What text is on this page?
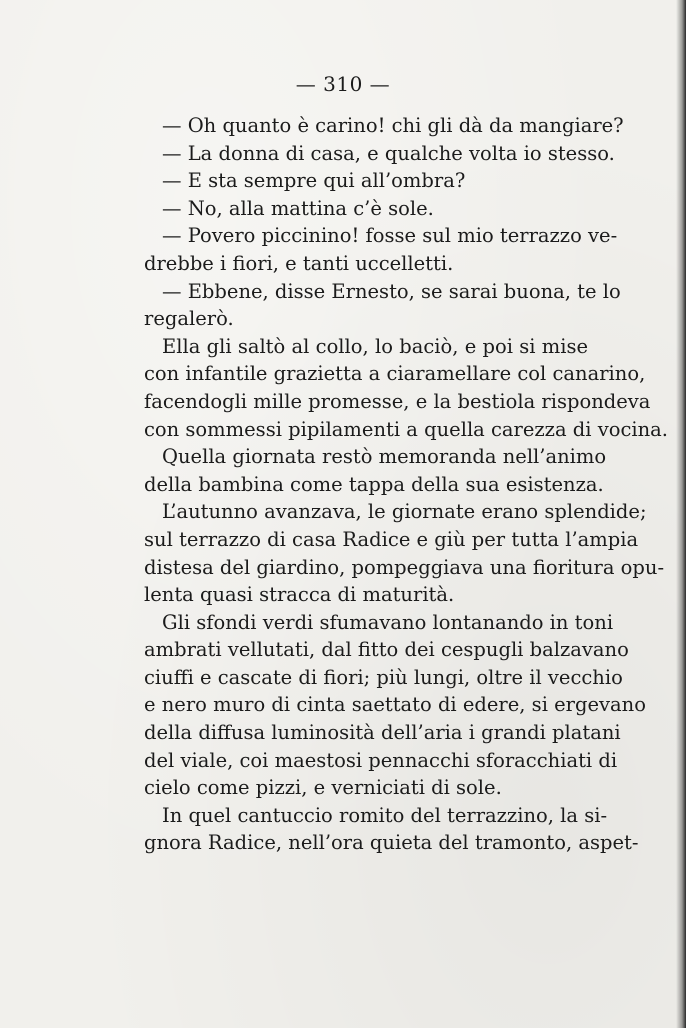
— 310 —
— Oh quanto è carino! chi gli dà da mangiare?
— La donna di casa, e qualche volta io stesso.
— E sta sempre qui all’ombra?
— No, alla mattina c’è sole.
— Povero piccinino! fosse sul mio terrazzo ve-
drebbe i fiori, e tanti uccelletti.
— Ebbene, disse Ernesto, se sarai buona, te lo
regalerò.
Ella gli saltò al collo, lo baciò, e poi si mise
con infantile grazietta a ciaramellare col canarino,
facendogli mille promesse, e la bestiola rispondeva
con sommessi pipilamenti a quella carezza di vocina.
Quella giornata restò memoranda nell’animo
della bambina come tappa della sua esistenza.
L’autunno avanzava, le giornate erano splendide;
sul terrazzo di casa Radice e giù per tutta l’ampia
distesa del giardino, pompeggiava una fioritura opu-
lenta quasi stracca di maturità.
Gli sfondi verdi sfumavano lontanando in toni
ambrati vellutati, dal fitto dei cespugli balzavano
ciuffi e cascate di fiori; più lungi, oltre il vecchio
e nero muro di cinta saettato di edere, si ergevano
della diffusa luminosità dell’aria i grandi platani
del viale, coi maestosi pennacchi sforacchiati di
cielo come pizzi, e verniciati di sole.
In quel cantuccio romito del terrazzino, la si-
gnora Radice, nell’ora quieta del tramonto, aspet-
